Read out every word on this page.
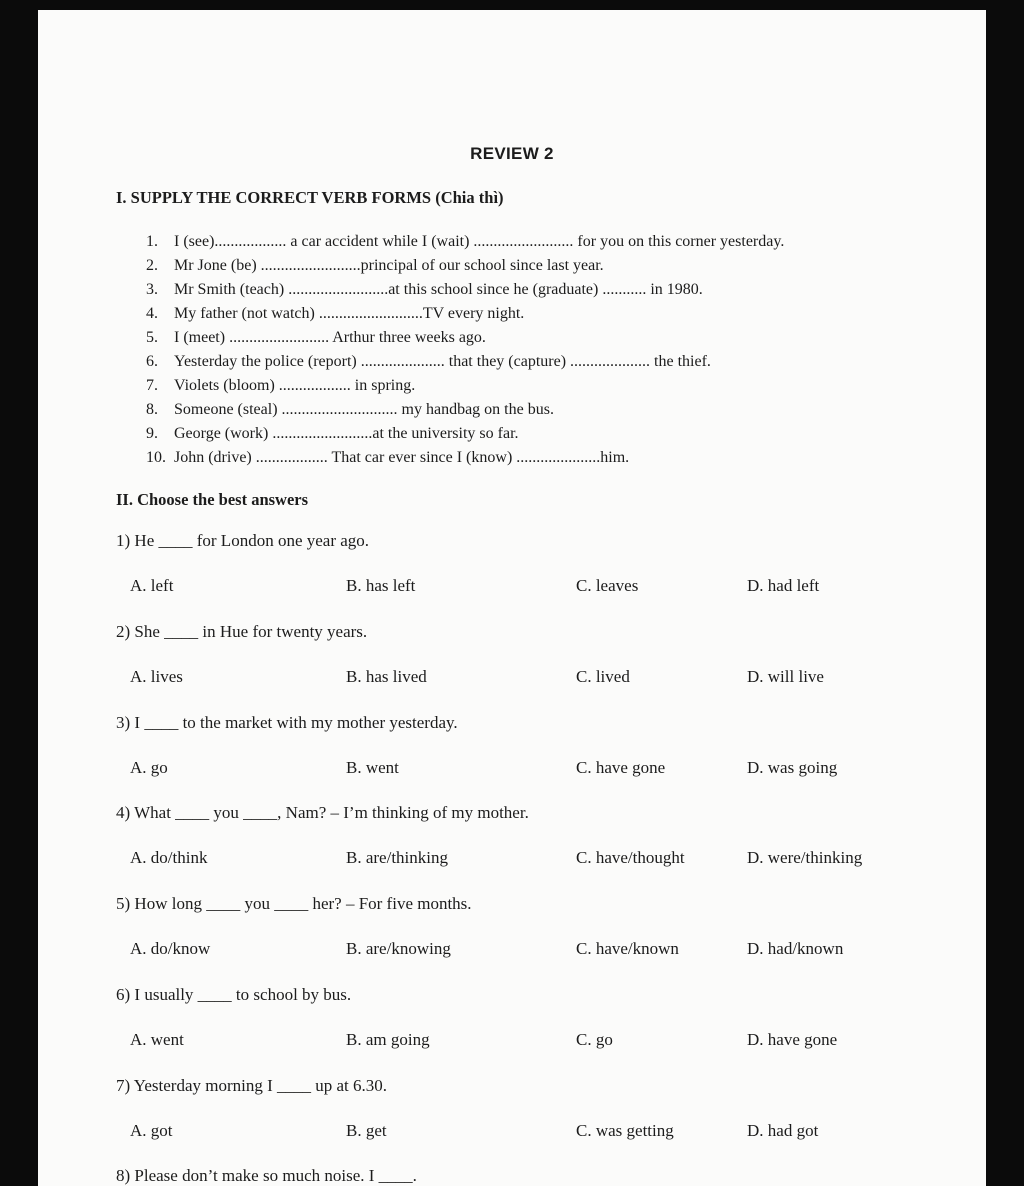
REVIEW 2
I. SUPPLY THE CORRECT VERB FORMS (Chia thì)
1. I (see).................. a car accident while I (wait) ......................... for you on this corner yesterday.
2. Mr Jone (be) .........................principal of our school since last year.
3. Mr Smith (teach) .........................at this school since he (graduate) ........... in 1980.
4. My father (not watch) ..........................TV every night.
5. I (meet) ......................... Arthur three weeks ago.
6. Yesterday the police (report) ..................... that they (capture) .................... the thief.
7. Violets (bloom) .................. in spring.
8. Someone (steal) ............................. my handbag on the bus.
9. George (work) .........................at the university so far.
10. John (drive) .................. That car ever since I (know) .....................him.
II. Choose the best answers
1) He ____ for London one year ago.
A. left	B. has left	C. leaves	D. had left
2) She ____ in Hue for twenty years.
A. lives	B. has lived	C. lived	D. will live
3) I ____ to the market with my mother yesterday.
A. go	B. went	C. have gone	D. was going
4) What ____ you ____, Nam? – I’m thinking of my mother.
A. do/think	B. are/thinking	C. have/thought	D. were/thinking
5) How long ____ you ____ her? – For five months.
A. do/know	B. are/knowing	C. have/known	D. had/known
6) I usually ____ to school by bus.
A. went	B. am going	C. go	D. have gone
7) Yesterday morning I ____ up at 6.30.
A. got	B. get	C. was getting	D. had got
8) Please don’t make so much noise. I ____.
